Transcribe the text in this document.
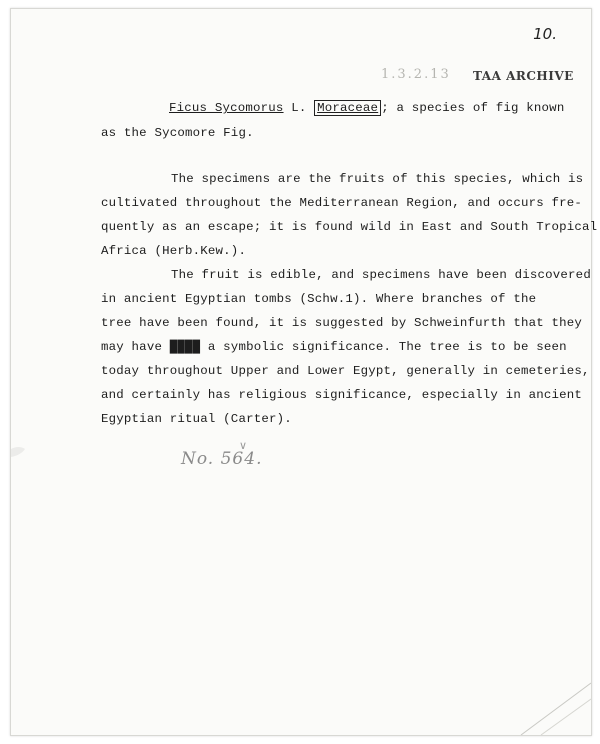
10.
1.3.2.13 TAA ARCHIVE
Ficus Sycomorus L. Moraceae ; a species of fig known
as the Sycomore Fig.
The specimens are the fruits of this species, which is
cultivated throughout the Mediterranean Region, and occurs fre-
quently as an escape; it is found wild in East and South Tropical
Africa (Herb.Kew.).
The fruit is edible, and specimens have been discovered
in ancient Egyptian tombs (Schw.1). Where branches of the
tree have been found, it is suggested by Schweinfurth that they
may have ████ a symbolic significance. The tree is to be seen
today throughout Upper and Lower Egypt, generally in cemeteries,
and certainly has religious significance, especially in ancient
Egyptian ritual (Carter).
∨
No. 564.
